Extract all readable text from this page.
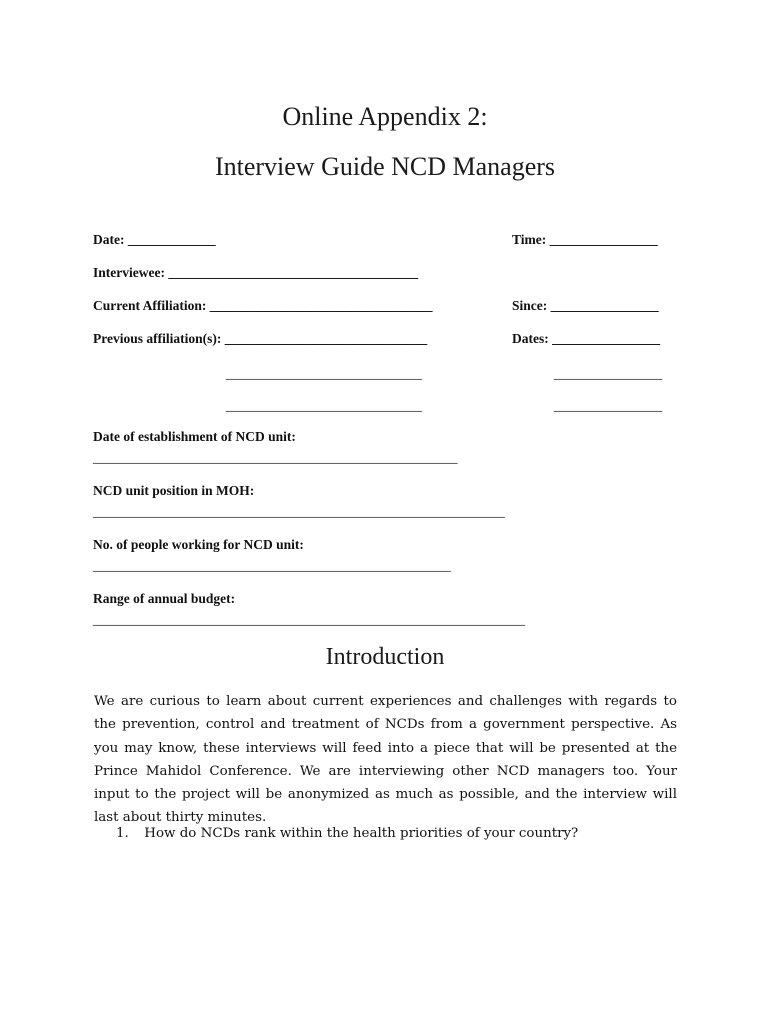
Online Appendix 2:
Interview Guide NCD Managers
Date: _____________	Time: ________________
Interviewee: _____________________________________
Current Affiliation: _________________________________	Since: ________________
Previous affiliation(s): ______________________________	Dates: ________________
_____________________________	________________
_____________________________	________________
Date of establishment of NCD unit:
______________________________________________________
NCD unit position in MOH:
_____________________________________________________________
No. of people working for NCD unit:
_____________________________________________________
Range of annual budget:
________________________________________________________________
Introduction
We are curious to learn about current experiences and challenges with regards to the prevention, control and treatment of NCDs from a government perspective. As you may know, these interviews will feed into a piece that will be presented at the Prince Mahidol Conference. We are interviewing other NCD managers too. Your input to the project will be anonymized as much as possible, and the interview will last about thirty minutes.
1. How do NCDs rank within the health priorities of your country?
